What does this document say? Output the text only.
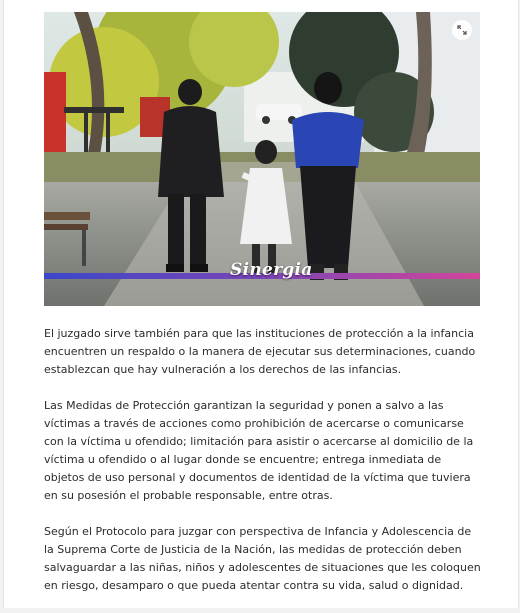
Sinergia

El juzgado sirve también para que las instituciones de protección a la infancia encuentren un respaldo o la manera de ejecutar sus determinaciones, cuando establezcan que hay vulneración a los derechos de las infancias.

Las Medidas de Protección garantizan la seguridad y ponen a salvo a las víctimas a través de acciones como prohibición de acercarse o comunicarse con la víctima u ofendido; limitación para asistir o acercarse al domicilio de la víctima u ofendido o al lugar donde se encuentre; entrega inmediata de objetos de uso personal y documentos de identidad de la víctima que tuviera en su posesión el probable responsable, entre otras.

Según el Protocolo para juzgar con perspectiva de Infancia y Adolescencia de la Suprema Corte de Justicia de la Nación, las medidas de protección deben salvaguardar a las niñas, niños y adolescentes de situaciones que les coloquen en riesgo, desamparo o que pueda atentar contra su vida, salud o dignidad.
